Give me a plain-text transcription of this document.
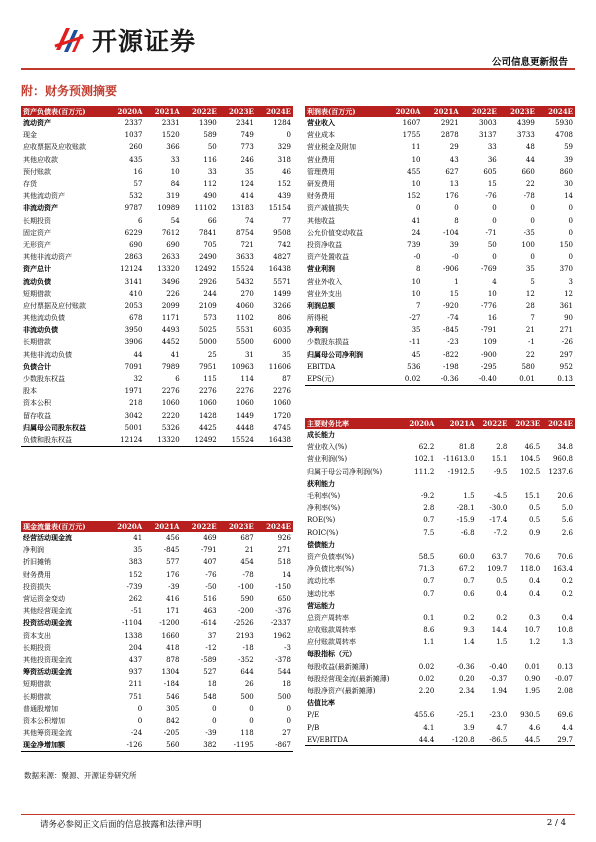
开源证券
公司信息更新报告
附：财务预测摘要
资产负债表(百万元)	2020A	2021A	2022E	2023E	2024E
流动资产	2337	2331	1390	2341	1284
现金	1037	1520	589	749	0
应收票据及应收账款	260	366	50	773	329
其他应收款	435	33	116	246	318
预付账款	16	10	33	35	46
存货	57	84	112	124	152
其他流动资产	532	319	490	414	439
非流动资产	9787	10989	11102	13183	15154
长期投资	6	54	66	74	77
固定资产	6229	7612	7841	8754	9508
无形资产	690	690	705	721	742
其他非流动资产	2863	2633	2490	3633	4827
资产总计	12124	13320	12492	15524	16438
流动负债	3141	3496	2926	5432	5571
短期借款	410	226	244	270	1499
应付票据及应付账款	2053	2099	2109	4060	3266
其他流动负债	678	1171	573	1102	806
非流动负债	3950	4493	5025	5531	6035
长期借款	3906	4452	5000	5500	6000
其他非流动负债	44	41	25	31	35
负债合计	7091	7989	7951	10963	11606
少数股东权益	32	6	115	114	87
股本	1971	2276	2276	2276	2276
资本公积	218	1060	1060	1060	1060
留存收益	3042	2220	1428	1449	1720
归属母公司股东权益	5001	5326	4425	4448	4745
负债和股东权益	12124	13320	12492	15524	16438
利润表(百万元)	2020A	2021A	2022E	2023E	2024E
营业收入	1607	2921	3003	4399	5930
营业成本	1755	2878	3137	3733	4708
营业税金及附加	11	29	33	48	59
营业费用	10	43	36	44	39
管理费用	455	627	605	660	860
研发费用	10	13	15	22	30
财务费用	152	176	-76	-78	14
资产减值损失	0	0	0	0	0
其他收益	41	8	0	0	0
公允价值变动收益	24	-104	-71	-35	0
投资净收益	739	39	50	100	150
资产处置收益	-0	-0	0	0	0
营业利润	8	-906	-769	35	370
营业外收入	10	1	4	5	3
营业外支出	10	15	10	12	12
利润总额	7	-920	-776	28	361
所得税	-27	-74	16	7	90
净利润	35	-845	-791	21	271
少数股东损益	-11	-23	109	-1	-26
归属母公司净利润	45	-822	-900	22	297
EBITDA	536	-198	-295	580	952
EPS(元)	0.02	-0.36	-0.40	0.01	0.13
主要财务比率	2020A	2021A	2022E	2023E	2024E
成长能力					
营业收入(%)	62.2	81.8	2.8	46.5	34.8
营业利润(%)	102.1	-11613.0	15.1	104.5	960.8
归属于母公司净利润(%)	111.2	-1912.5	-9.5	102.5	1237.6
获利能力					
毛利率(%)	-9.2	1.5	-4.5	15.1	20.6
净利率(%)	2.8	-28.1	-30.0	0.5	5.0
ROE(%)	0.7	-15.9	-17.4	0.5	5.6
ROIC(%)	7.5	-6.8	-7.2	0.9	2.6
偿债能力					
资产负债率(%)	58.5	60.0	63.7	70.6	70.6
净负债比率(%)	71.3	67.2	109.7	118.0	163.4
流动比率	0.7	0.7	0.5	0.4	0.2
速动比率	0.7	0.6	0.4	0.4	0.2
营运能力					
总资产周转率	0.1	0.2	0.2	0.3	0.4
应收账款周转率	8.6	9.3	14.4	10.7	10.8
应付账款周转率	1.1	1.4	1.5	1.2	1.3
每股指标（元）					
每股收益(最新摊薄)	0.02	-0.36	-0.40	0.01	0.13
每股经营现金流(最新摊薄)	0.02	0.20	-0.37	0.90	-0.07
每股净资产(最新摊薄)	2.20	2.34	1.94	1.95	2.08
估值比率					
P/E	455.6	-25.1	-23.0	930.5	69.6
P/B	4.1	3.9	4.7	4.6	4.4
EV/EBITDA	44.4	-120.8	-86.5	44.5	29.7
现金流量表(百万元)	2020A	2021A	2022E	2023E	2024E
经营活动现金流	41	456	469	687	926
净利润	35	-845	-791	21	271
折旧摊销	383	577	407	454	518
财务费用	152	176	-76	-78	14
投资损失	-739	-39	-50	-100	-150
营运资金变动	262	416	516	590	650
其他经营现金流	-51	171	463	-200	-376
投资活动现金流	-1104	-1200	-614	-2526	-2337
资本支出	1338	1660	37	2193	1962
长期投资	204	418	-12	-18	-3
其他投资现金流	437	878	-589	-352	-378
筹资活动现金流	937	1304	527	644	544
短期借款	211	-184	18	26	18
长期借款	751	546	548	500	500
普通股增加	0	305	0	0	0
资本公积增加	0	842	0	0	0
其他筹资现金流	-24	-205	-39	118	27
现金净增加额	-126	560	382	-1195	-867
数据来源：聚源、开源证券研究所
请务必参阅正文后面的信息披露和法律声明	2 / 4
